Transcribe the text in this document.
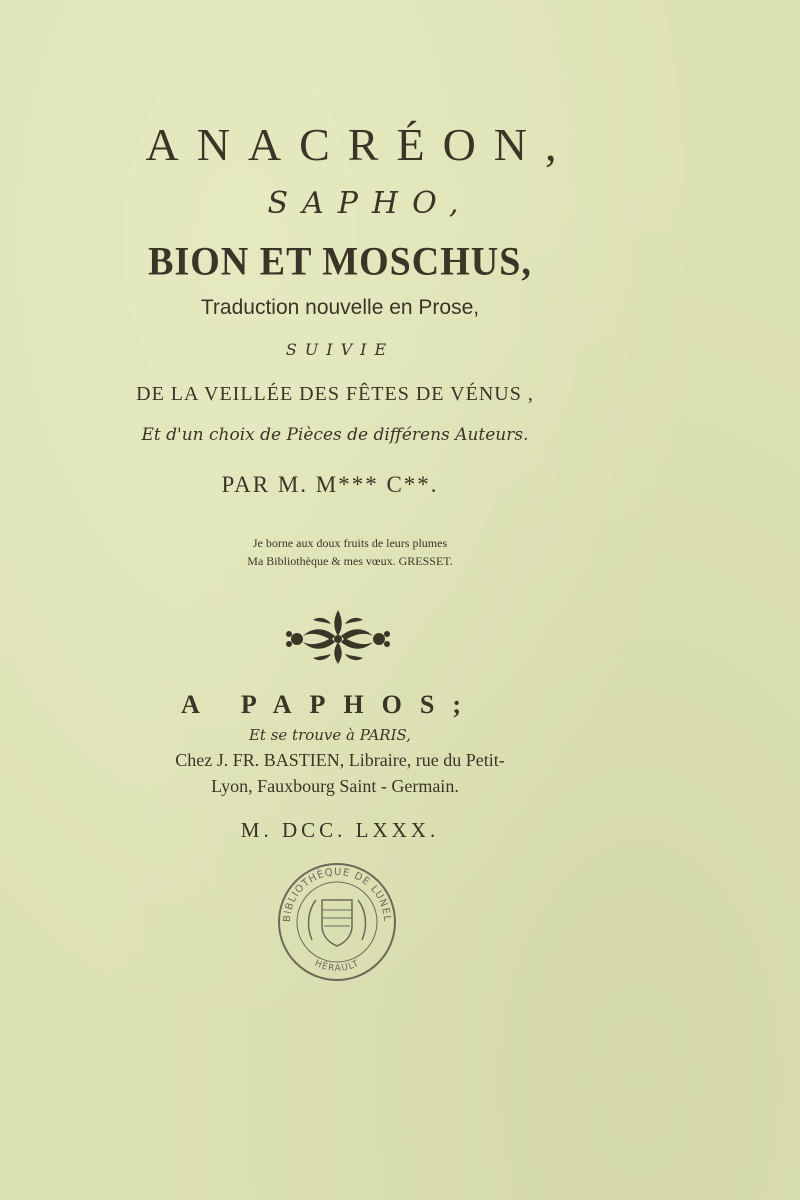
ANACRÉON,
SAPHO,
BION ET MOSCHUS,
Traduction nouvelle en Prose,
SUIVIE
DE LA VEILLÉE DES FÊTES DE VÉNUS ,
Et d'un choix de Pièces de différens Auteurs.
PAR M. M*** C**.
Je borne aux doux fruits de leurs plumes
Ma Bibliothèque & mes vœux. GRESSET.
A PAPHOS;
Et se trouve à PARIS,
Chez J. FR. BASTIEN, Libraire, rue du Petit-
Lyon, Fauxbourg Saint - Germain.
M. DCC. LXXX.
BIBLIOTHÈQUE DE LUNEL
HÉRAULT
